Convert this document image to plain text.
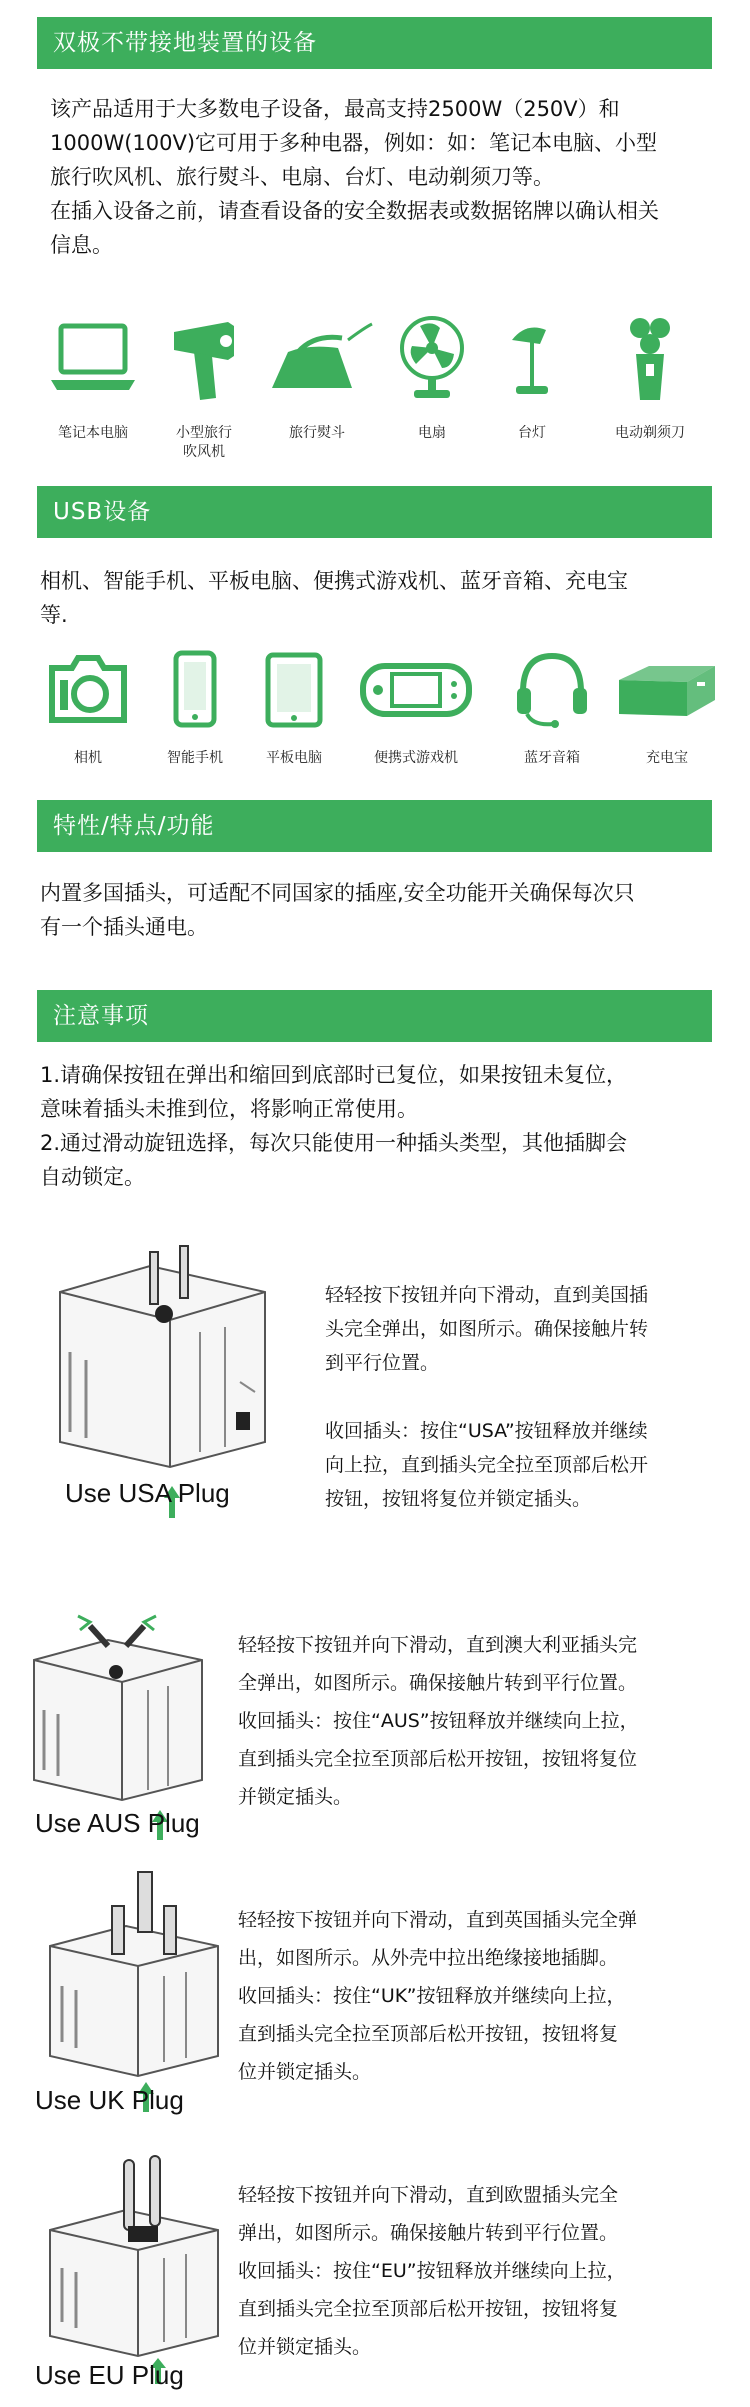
双极不带接地装置的设备
该产品适用于大多数电子设备，最高支持2500W（250V）和
1000W(100V)它可用于多种电器，例如：如：笔记本电脑、小型
旅行吹风机、旅行熨斗、电扇、台灯、电动剃须刀等。
在插入设备之前，请查看设备的安全数据表或数据铭牌以确认相关
信息。
笔记本电脑	小型旅行
吹风机
旅行熨斗	电扇	台灯	电动剃须刀
USB设备
相机、智能手机、平板电脑、便携式游戏机、蓝牙音箱、充电宝
等.
相机	智能手机	平板电脑	便携式游戏机	蓝牙音箱	充电宝
特性/特点/功能
内置多国插头，可适配不同国家的插座,安全功能开关确保每次只
有一个插头通电。
注意事项
1.请确保按钮在弹出和缩回到底部时已复位，如果按钮未复位，
意味着插头未推到位，将影响正常使用。
2.通过滑动旋钮选择，每次只能使用一种插头类型，其他插脚会
自动锁定。
Use USA Plug
轻轻按下按钮并向下滑动，直到美国插
头完全弹出，如图所示。确保接触片转
到平行位置。
收回插头：按住“USA”按钮释放并继续
向上拉，直到插头完全拉至顶部后松开
按钮，按钮将复位并锁定插头。
Use AUS Plug
轻轻按下按钮并向下滑动，直到澳大利亚插头完
全弹出，如图所示。确保接触片转到平行位置。
收回插头：按住“AUS”按钮释放并继续向上拉，
直到插头完全拉至顶部后松开按钮，按钮将复位
并锁定插头。
Use UK Plug
轻轻按下按钮并向下滑动，直到英国插头完全弹
出，如图所示。从外壳中拉出绝缘接地插脚。
收回插头：按住“UK”按钮释放并继续向上拉，
直到插头完全拉至顶部后松开按钮，按钮将复
位并锁定插头。
Use EU Plug
轻轻按下按钮并向下滑动，直到欧盟插头完全
弹出，如图所示。确保接触片转到平行位置。
收回插头：按住“EU”按钮释放并继续向上拉，
直到插头完全拉至顶部后松开按钮，按钮将复
位并锁定插头。
